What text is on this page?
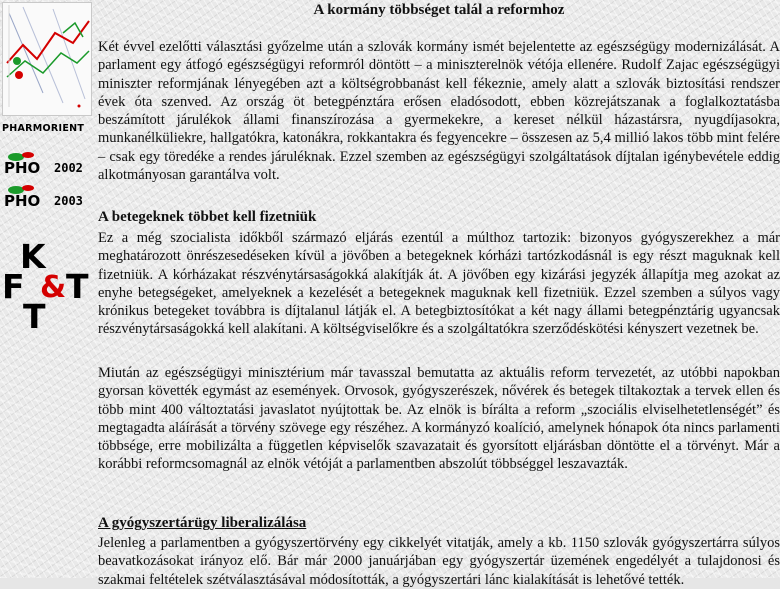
PHARMORIENT
PHO 2002
PHO 2003
K
F & T
T
A kormány többséget talál a reformhoz

Két évvel ezelőtti választási győzelme után a szlovák kormány ismét bejelentette az egészségügy modernizálását. A parlament egy átfogó egészségügyi reformról döntött – a miniszterelnök vétója ellenére. Rudolf Zajac egészségügyi miniszter reformjának lényegében azt a költségrobbanást kell fékeznie, amely alatt a szlovák biztosítási rendszer évek óta szenved. Az ország öt betegpénztára erősen eladósodott, ebben közrejátszanak a foglalkoztatásba beszámított járulékok állami finanszírozása a gyermekekre, a kereset nélkül házastársra, nyugdíjasokra, munkanélküliekre, hallgatókra, katonákra, rokkantakra és fegyencekre – összesen az 5,4 millió lakos több mint felére – csak egy töredéke a rendes járuléknak. Ezzel szemben az egészségügyi szolgáltatások díjtalan igénybevétele eddig alkotmányosan garantálva volt.

A betegeknek többet kell fizetniük

Ez a még szocialista időkből származó eljárás ezentúl a múlthoz tartozik: bizonyos gyógyszerekhez a már meghatározott önrészesedéseken kívül a jövőben a betegeknek kórházi tartózkodásnál is egy részt maguknak kell fizetniük. A kórházakat részvénytársaságokká alakítják át. A jövőben egy kizárási jegyzék állapítja meg azokat az enyhe betegségeket, amelyeknek a kezelését a betegeknek maguknak kell fizetniük. Ezzel szemben a súlyos vagy krónikus betegeket továbbra is díjtalanul látják el. A betegbiztosítókat a két nagy állami betegpénztárig ugyancsak részvénytársaságokká kell alakítani. A költségviselőkre és a szolgáltatókra szerződéskötési kényszert vezetnek be.

Miután az egészségügyi minisztérium már tavasszal bemutatta az aktuális reform tervezetét, az utóbbi napokban gyorsan követték egymást az események. Orvosok, gyógyszerészek, nővérek és betegek tiltakoztak a tervek ellen és több mint 400 változtatási javaslatot nyújtottak be. Az elnök is bírálta a reform „szociális elviselhetetlenségét” és megtagadta aláírását a törvény szövege egy részéhez. A kormányzó koalíció, amelynek hónapok óta nincs parlamenti többsége, erre mobilizálta a független képviselők szavazatait és gyorsított eljárásban döntötte el a törvényt. Már a korábbi reformcsomagnál az elnök vétóját a parlamentben abszolút többséggel leszavazták.

A gyógyszertárügy liberalizálása

Jelenleg a parlamentben a gyógyszertörvény egy cikkelyét vitatják, amely a kb. 1150 szlovák gyógyszertárra súlyos beavatkozásokat irányoz elő. Bár már 2000 januárjában egy gyógyszertár üzemének engedélyét a tulajdonosi és szakmai feltételek szétválasztásával módosították, a gyógyszertári lánc kialakítását is lehetővé tették.
